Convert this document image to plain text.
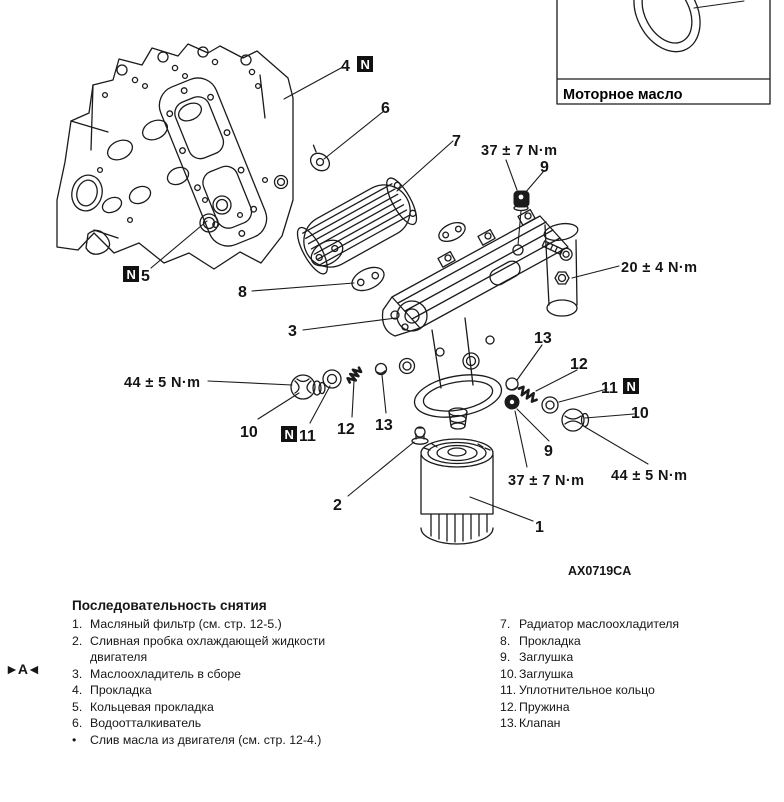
Моторное масло
4 N
N 5
6
7
37 ± 7 N·m
9
20 ± 4 N·m
8
3	13
12
11 N
10
44 ± 5 N·m
10 N 11 12 13
9
37 ± 7 N·m 44 ± 5 N·m
2
1
AX0719CA
Последовательность снятия
►A◄
1. Масляный фильтр (см. стр. 12-5.)
2. Сливная пробка охлаждающей жидкости двигателя
3. Маслоохладитель в сборе
4. Прокладка
5. Кольцевая прокладка
6. Водоотталкиватель
•	Слив масла из двигателя (см. стр. 12-4.)
7. Радиатор маслоохладителя
8. Прокладка
9. Заглушка
10. Заглушка
11. Уплотнительное кольцо
12. Пружина
13. Клапан
